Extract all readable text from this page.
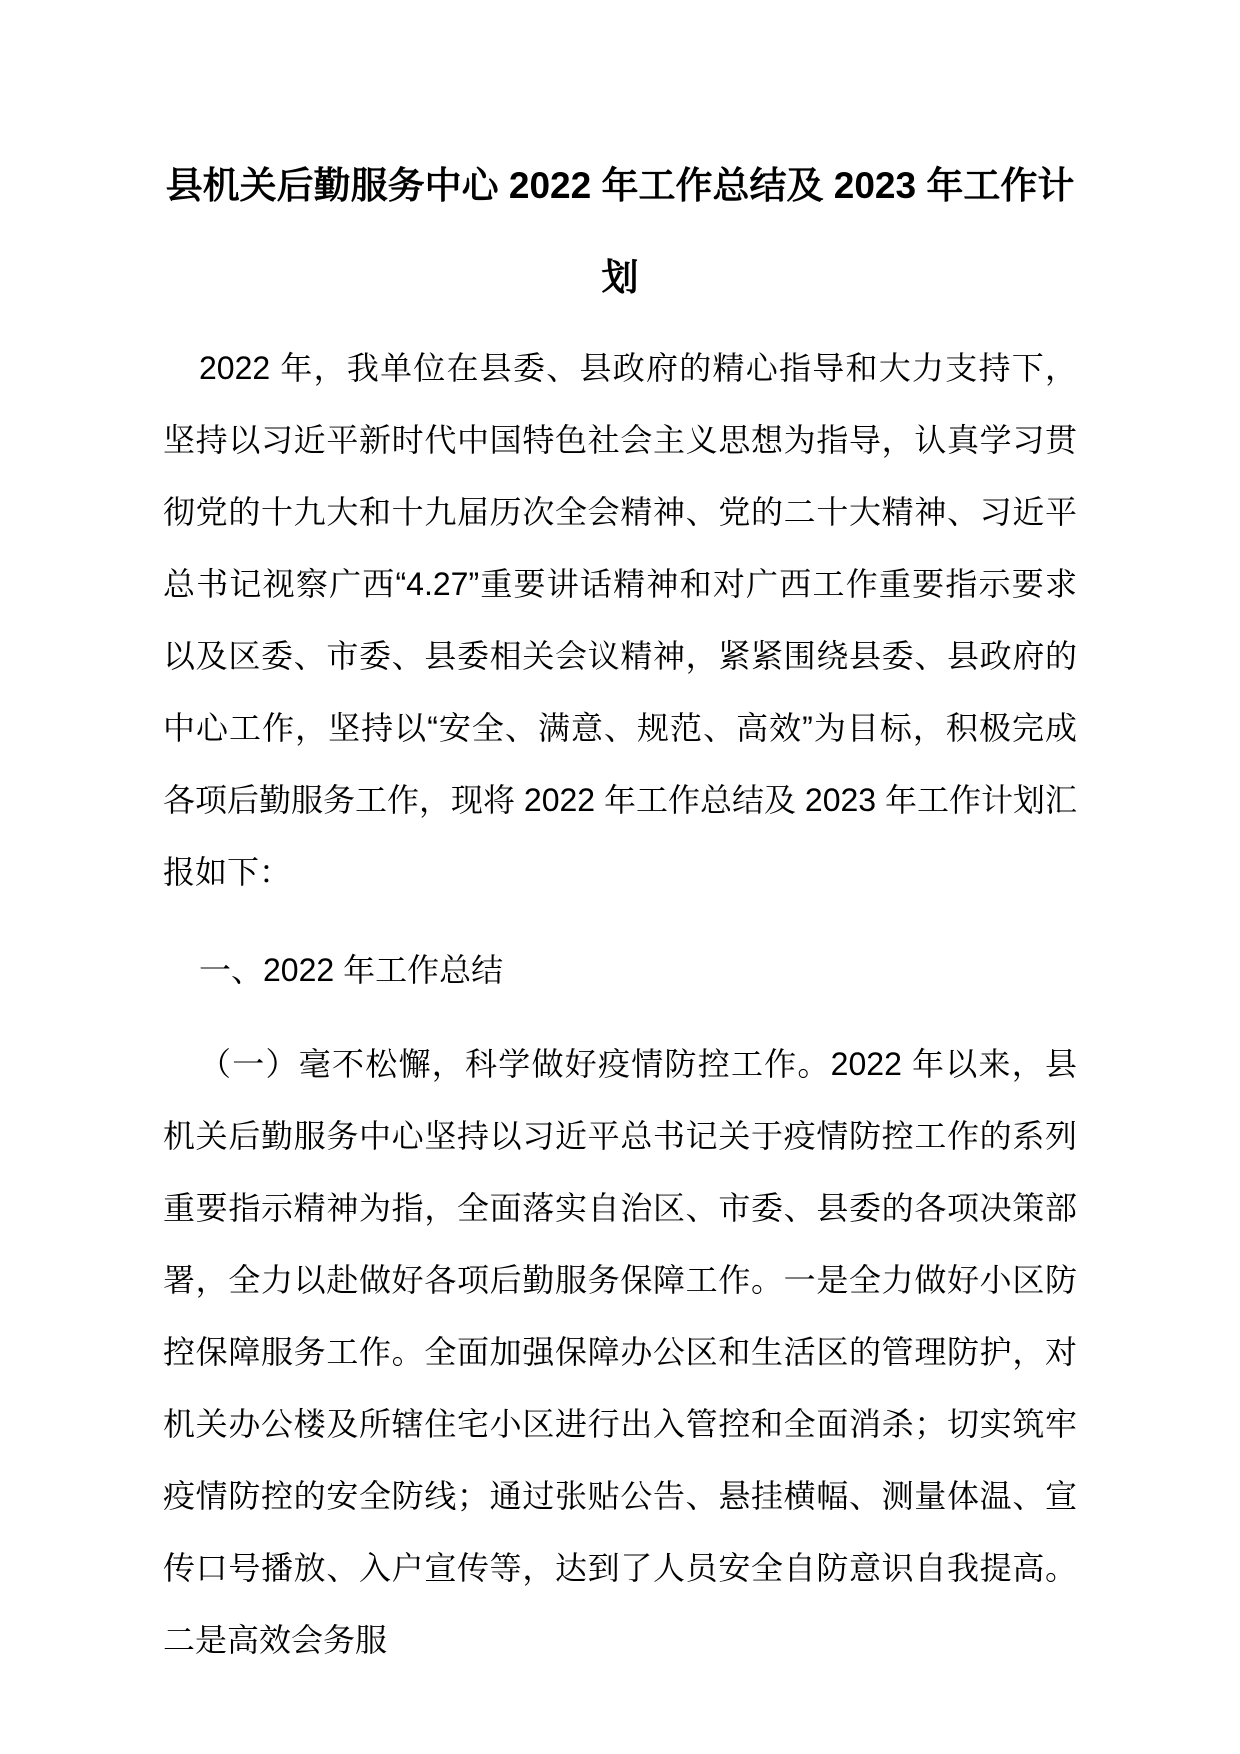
县机关后勤服务中心 2022 年工作总结及 2023 年工作计划

2022 年，我单位在县委、县政府的精心指导和大力支持下，坚持以习近平新时代中国特色社会主义思想为指导，认真学习贯彻党的十九大和十九届历次全会精神、党的二十大精神、习近平总书记视察广西“4.27”重要讲话精神和对广西工作重要指示要求以及区委、市委、县委相关会议精神，紧紧围绕县委、县政府的中心工作，坚持以“安全、满意、规范、高效”为目标，积极完成各项后勤服务工作，现将 2022 年工作总结及 2023 年工作计划汇报如下：

一、2022 年工作总结

（一）毫不松懈，科学做好疫情防控工作。2022 年以来，县机关后勤服务中心坚持以习近平总书记关于疫情防控工作的系列重要指示精神为指，全面落实自治区、市委、县委的各项决策部署，全力以赴做好各项后勤服务保障工作。一是全力做好小区防控保障服务工作。全面加强保障办公区和生活区的管理防护，对机关办公楼及所辖住宅小区进行出入管控和全面消杀；切实筑牢疫情防控的安全防线；通过张贴公告、悬挂横幅、测量体温、宣传口号播放、入户宣传等，达到了人员安全自防意识自我提高。二是高效会务服
